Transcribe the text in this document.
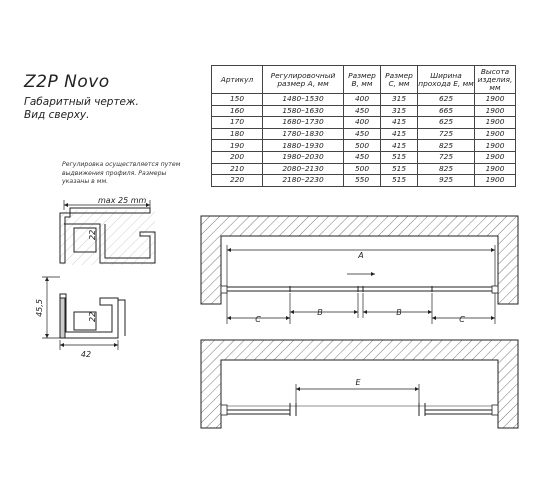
Z2P Novo
Габаритный чертеж.
Вид сверху.
Регулировка осуществляется путем выдвижения профиля. Размеры указаны в мм.
Артикул	Регулировочный размер A, мм	Размер B, мм	Размер C, мм	Ширина прохода E, мм	Высота изделия, мм
150	1480–1530	400	315	625	1900
160	1580–1630	450	315	665	1900
170	1680–1730	400	415	625	1900
180	1780–1830	450	415	725	1900
190	1880–1930	500	415	825	1900
200	1980–2030	450	515	725	1900
210	2080–2130	500	515	825	1900
220	2180–2230	550	515	925	1900
max 25 mm
22
22
45,5
42
A
C
B	B
C
E
